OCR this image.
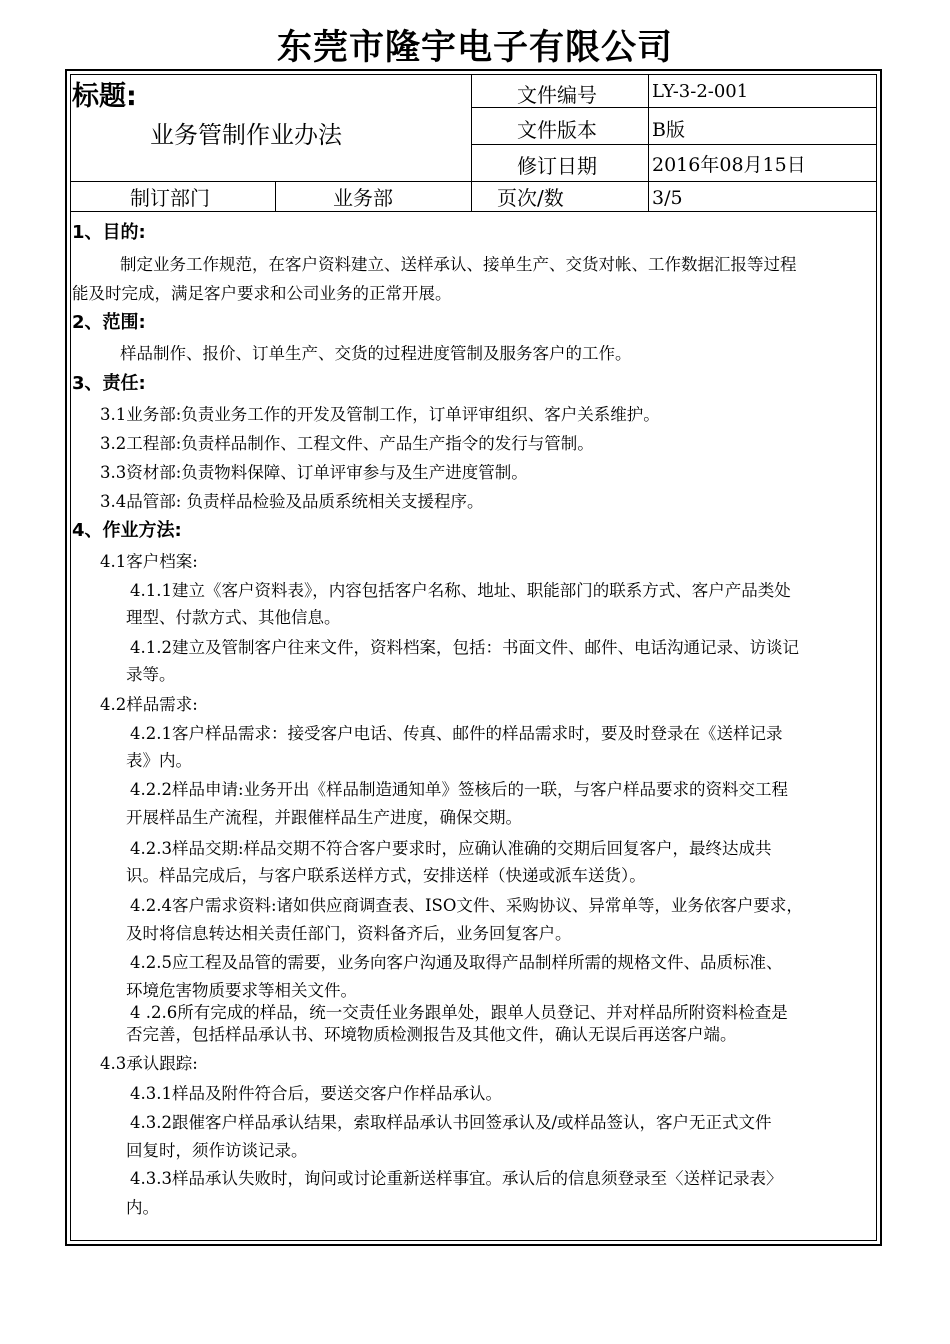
东莞市隆宇电子有限公司
标题:
业务管制作业办法
文件编号	LY-3-2-001
文件版本	B版
修订日期	2016年08月15日
制订部门	业务部	页次/数	3/5
1、目的:
制定业务工作规范，在客户资料建立、送样承认、接单生产、交货对帐、工作数据汇报等过程
能及时完成，满足客户要求和公司业务的正常开展。
2、范围:
样品制作、报价、订单生产、交货的过程进度管制及服务客户的工作。
3、责任:
3.1业务部:负责业务工作的开发及管制工作，订单评审组织、客户关系维护。
3.2工程部:负责样品制作、工程文件、产品生产指令的发行与管制。
3.3资材部:负责物料保障、订单评审参与及生产进度管制。
3.4品管部: 负责样品检验及品质系统相关支援程序。
4、作业方法:
4.1客户档案:
4.1.1建立《客户资料表》，内容包括客户名称、地址、职能部门的联系方式、客户产品类处
理型、付款方式、其他信息。
4.1.2建立及管制客户往来文件，资料档案，包括：书面文件、邮件、电话沟通记录、访谈记
录等。
4.2样品需求:
4.2.1客户样品需求：接受客户电话、传真、邮件的样品需求时，要及时登录在《送样记录
表》内。
4.2.2样品申请:业务开出《样品制造通知单》签核后的一联，与客户样品要求的资料交工程
开展样品生产流程，并跟催样品生产进度，确保交期。
4.2.3样品交期:样品交期不符合客户要求时，应确认准确的交期后回复客户，最终达成共
识。样品完成后，与客户联系送样方式，安排送样（快递或派车送货）。
4.2.4客户需求资料:诸如供应商调查表、ISO文件、采购协议、异常单等，业务依客户要求，
及时将信息转达相关责任部门，资料备齐后，业务回复客户。
4.2.5应工程及品管的需要，业务向客户沟通及取得产品制样所需的规格文件、品质标准、
环境危害物质要求等相关文件。
4 .2.6所有完成的样品，统一交责任业务跟单处，跟单人员登记、并对样品所附资料检查是
否完善，包括样品承认书、环境物质检测报告及其他文件，确认无误后再送客户端。
4.3承认跟踪:
4.3.1样品及附件符合后，要送交客户作样品承认。
4.3.2跟催客户样品承认结果，索取样品承认书回签承认及/或样品签认，客户无正式文件
回复时，须作访谈记录。
4.3.3样品承认失败时，询问或讨论重新送样事宜。承认后的信息须登录至〈送样记录表〉
内。
